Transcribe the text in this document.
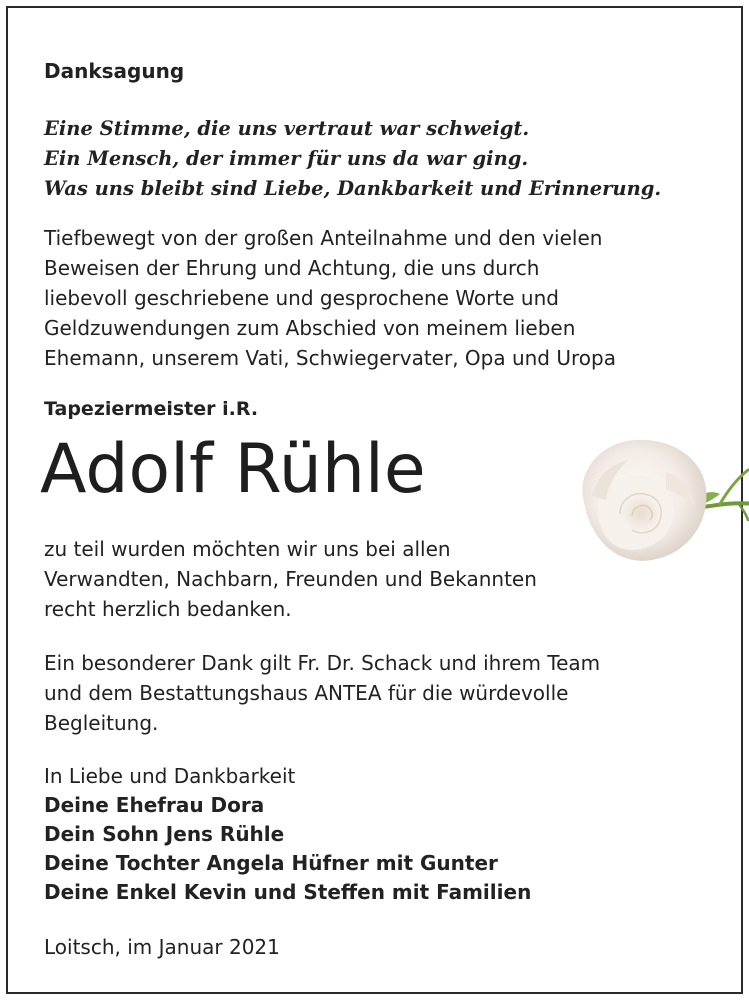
Danksagung
Eine Stimme, die uns vertraut war schweigt.
Ein Mensch, der immer für uns da war ging.
Was uns bleibt sind Liebe, Dankbarkeit und Erinnerung.
Tiefbewegt von der großen Anteilnahme und den vielen
Beweisen der Ehrung und Achtung, die uns durch
liebevoll geschriebene und gesprochene Worte und
Geldzuwendungen zum Abschied von meinem lieben
Ehemann, unserem Vati, Schwiegervater, Opa und Uropa
Tapeziermeister i.R.
Adolf Rühle
zu teil wurden möchten wir uns bei allen
Verwandten, Nachbarn, Freunden und Bekannten
recht herzlich bedanken.
Ein besonderer Dank gilt Fr. Dr. Schack und ihrem Team
und dem Bestattungshaus ANTEA für die würdevolle
Begleitung.
In Liebe und Dankbarkeit
Deine Ehefrau Dora
Dein Sohn Jens Rühle
Deine Tochter Angela Hüfner mit Gunter
Deine Enkel Kevin und Steffen mit Familien
Loitsch, im Januar 2021
